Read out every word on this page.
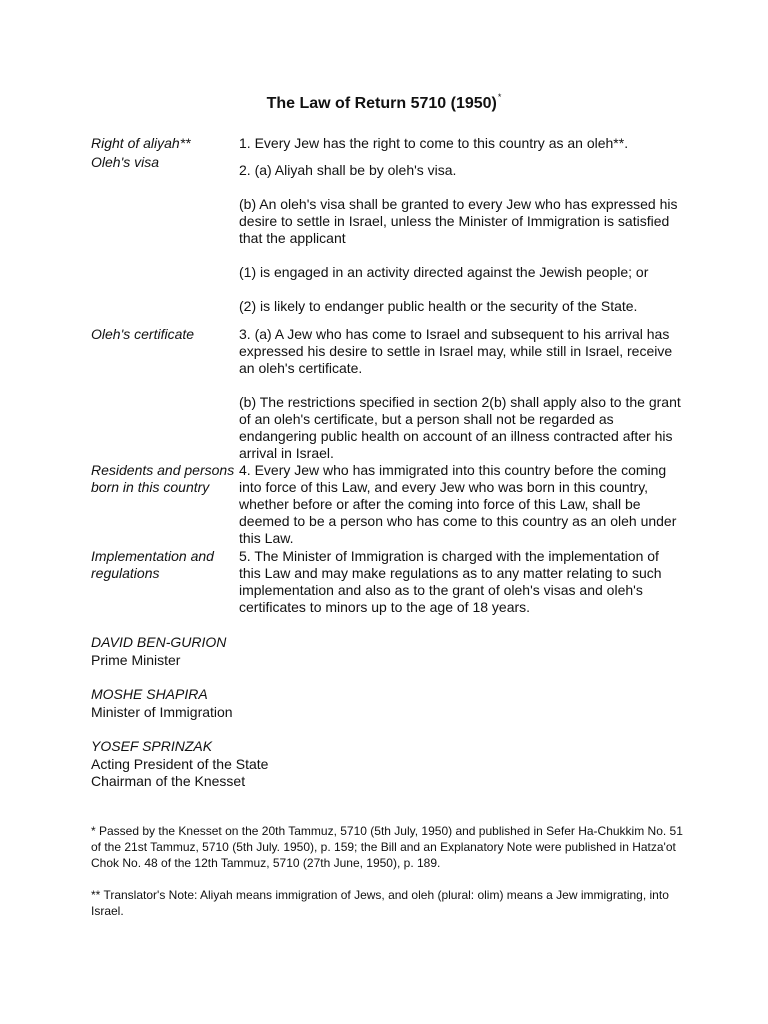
The Law of Return 5710 (1950)*
Right of aliyah**
Oleh's visa
Oleh's certificate
Residents and persons born in this country
Implementation and regulations
1. Every Jew has the right to come to this country as an oleh**.
2. (a) Aliyah shall be by oleh's visa.
(b) An oleh's visa shall be granted to every Jew who has expressed his desire to settle in Israel, unless the Minister of Immigration is satisfied that the applicant
(1) is engaged in an activity directed against the Jewish people; or
(2) is likely to endanger public health or the security of the State.
3. (a) A Jew who has come to Israel and subsequent to his arrival has expressed his desire to settle in Israel may, while still in Israel, receive an oleh's certificate.
(b) The restrictions specified in section 2(b) shall apply also to the grant of an oleh's certificate, but a person shall not be regarded as endangering public health on account of an illness contracted after his arrival in Israel.
4. Every Jew who has immigrated into this country before the coming into force of this Law, and every Jew who was born in this country, whether before or after the coming into force of this Law, shall be deemed to be a person who has come to this country as an oleh under this Law.
5. The Minister of Immigration is charged with the implementation of this Law and may make regulations as to any matter relating to such implementation and also as to the grant of oleh's visas and oleh's certificates to minors up to the age of 18 years.
DAVID BEN-GURION
Prime Minister
MOSHE SHAPIRA
Minister of Immigration
YOSEF SPRINZAK
Acting President of the State
Chairman of the Knesset
* Passed by the Knesset on the 20th Tammuz, 5710 (5th July, 1950) and published in Sefer Ha-Chukkim No. 51 of the 21st Tammuz, 5710 (5th July. 1950), p. 159; the Bill and an Explanatory Note were published in Hatza'ot Chok No. 48 of the 12th Tammuz, 5710 (27th June, 1950), p. 189.
** Translator's Note: Aliyah means immigration of Jews, and oleh (plural: olim) means a Jew immigrating, into Israel.
